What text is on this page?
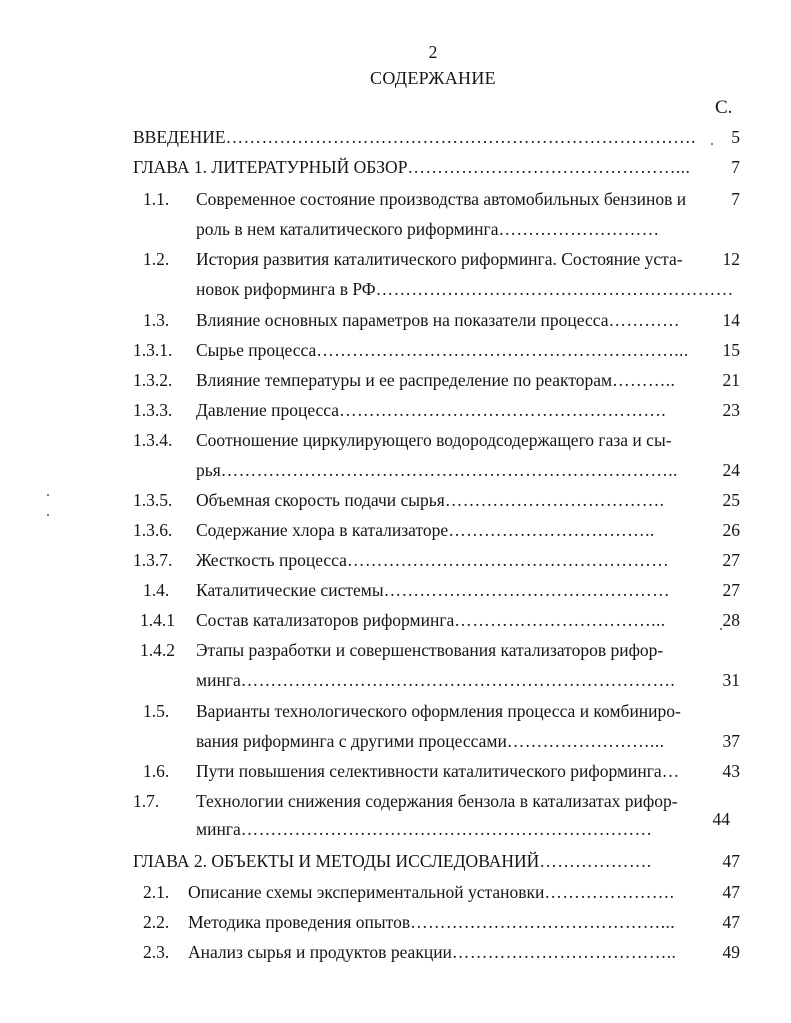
2
СОДЕРЖАНИЕ
С.
ВВЕДЕНИЕ…………………………………………………………………….	5
ГЛАВА 1. ЛИТЕРАТУРНЫЙ ОБЗОР………………………………………...	7
1.1. Современное состояние производства автомобильных бензинов и	7
роль в нем каталитического риформинга………………………
1.2. История развития каталитического риформинга. Состояние уста-	12
новок риформинга в РФ……………………………………………………
1.3. Влияние основных параметров на показатели процесса…………	14
1.3.1. Сырье процесса……………………………………………………...	15
1.3.2. Влияние температуры и ее распределение по реакторам………..	21
1.3.3. Давление процесса……………………………………………….	23
1.3.4. Соотношение циркулирующего водородсодержащего газа и сы-
рья…………………………………………………………………..	24
1.3.5. Объемная скорость подачи сырья……………………………….	25
1.3.6. Содержание хлора в катализаторе……………………………..	26
1.3.7. Жесткость процесса………………………………………………	27
1.4. Каталитические системы…………………………………………	27
1.4.1 Состав катализаторов риформинга……………………………...	28
1.4.2 Этапы разработки и совершенствования катализаторов рифор-
минга……………………………………………………………….	31
1.5. Варианты технологического оформления процесса и комбиниро-
вания риформинга с другими процессами……………………...	37
1.6. Пути повышения селективности каталитического риформинга…	43
1.7. Технологии снижения содержания бензола в катализатах рифор-
минга……………………………………………………………	44
ГЛАВА 2. ОБЪЕКТЫ И МЕТОДЫ ИССЛЕДОВАНИЙ……………….	47
2.1. Описание схемы экспериментальной установки………………….	47
2.2. Методика проведения опытов……………………………………...	47
2.3. Анализ сырья и продуктов реакции………………………………..	49
